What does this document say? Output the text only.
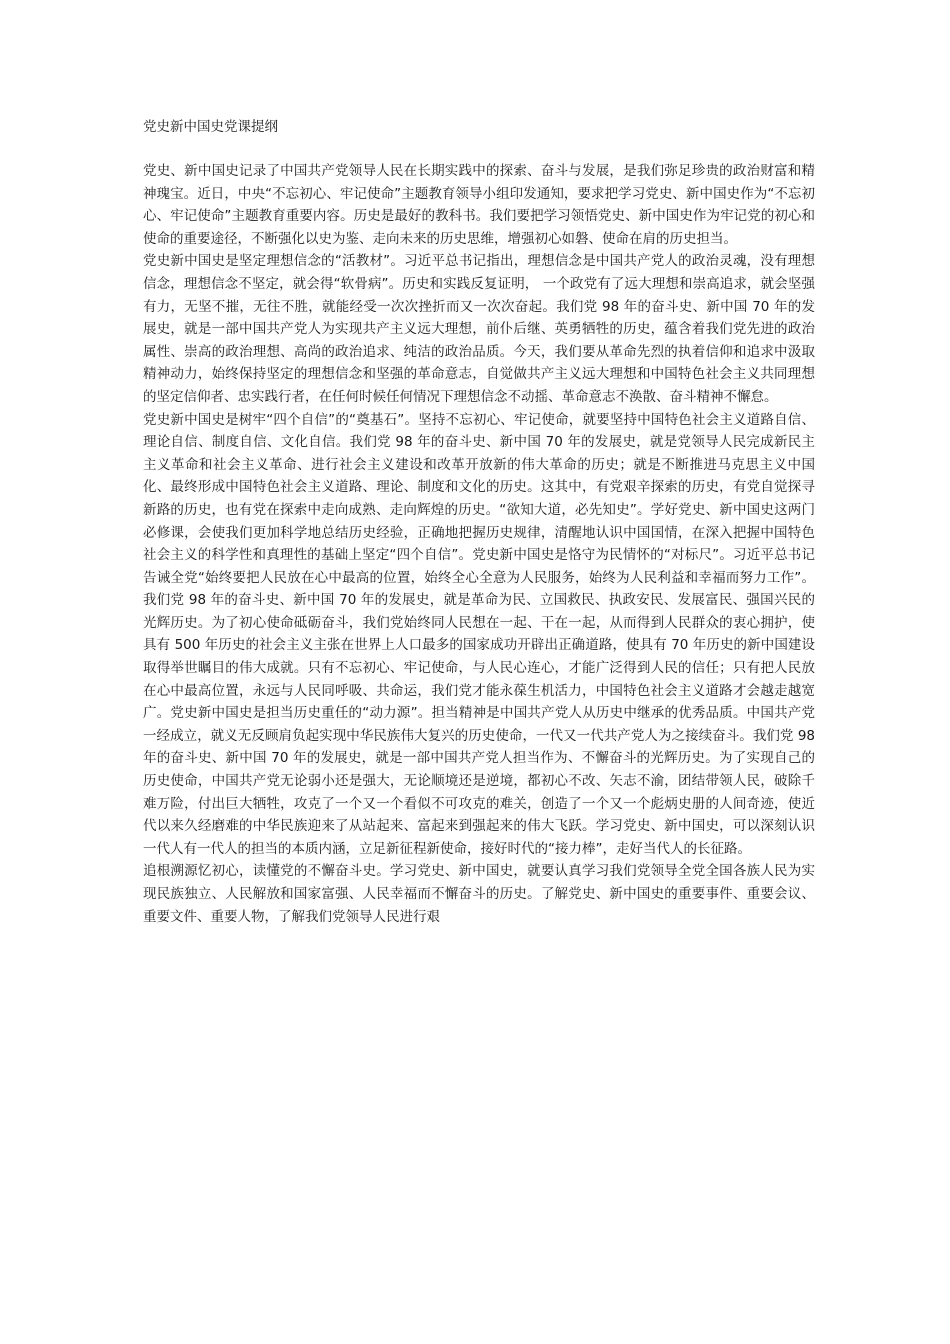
党史新中国史党课提纲

党史、新中国史记录了中国共产党领导人民在长期实践中的探索、奋斗与发展，是我们弥足珍贵的政治财富和精神瑰宝。近日，中央“不忘初心、牢记使命”主题教育领导小组印发通知，要求把学习党史、新中国史作为“不忘初心、牢记使命”主题教育重要内容。历史是最好的教科书。我们要把学习领悟党史、新中国史作为牢记党的初心和使命的重要途径，不断强化以史为鉴、走向未来的历史思维，增强初心如磐、使命在肩的历史担当。

党史新中国史是坚定理想信念的“活教材”。习近平总书记指出，理想信念是中国共产党人的政治灵魂，没有理想信念，理想信念不坚定，就会得“软骨病”。历史和实践反复证明， 一个政党有了远大理想和崇高追求，就会坚强有力，无坚不摧，无往不胜，就能经受一次次挫折而又一次次奋起。我们党 98 年的奋斗史、新中国 70 年的发展史，就是一部中国共产党人为实现共产主义远大理想，前仆后继、英勇牺牲的历史，蕴含着我们党先进的政治属性、崇高的政治理想、高尚的政治追求、纯洁的政治品质。今天，我们要从革命先烈的执着信仰和追求中汲取精神动力，始终保持坚定的理想信念和坚强的革命意志，自觉做共产主义远大理想和中国特色社会主义共同理想的坚定信仰者、忠实践行者，在任何时候任何情况下理想信念不动摇、革命意志不涣散、奋斗精神不懈怠。

党史新中国史是树牢“四个自信”的“奠基石”。坚持不忘初心、牢记使命，就要坚持中国特色社会主义道路自信、理论自信、制度自信、文化自信。我们党 98 年的奋斗史、新中国 70 年的发展史，就是党领导人民完成新民主主义革命和社会主义革命、进行社会主义建设和改革开放新的伟大革命的历史；就是不断推进马克思主义中国化、最终形成中国特色社会主义道路、理论、制度和文化的历史。这其中，有党艰辛探索的历史，有党自觉探寻新路的历史，也有党在探索中走向成熟、走向辉煌的历史。“欲知大道，必先知史”。学好党史、新中国史这两门必修课，会使我们更加科学地总结历史经验，正确地把握历史规律，清醒地认识中国国情，在深入把握中国特色社会主义的科学性和真理性的基础上坚定“四个自信”。党史新中国史是恪守为民情怀的“对标尺”。习近平总书记告诫全党“始终要把人民放在心中最高的位置，始终全心全意为人民服务，始终为人民利益和幸福而努力工作”。我们党 98 年的奋斗史、新中国 70 年的发展史，就是革命为民、立国救民、执政安民、发展富民、强国兴民的光辉历史。为了初心使命砥砺奋斗，我们党始终同人民想在一起、干在一起，从而得到人民群众的衷心拥护，使具有 500 年历史的社会主义主张在世界上人口最多的国家成功开辟出正确道路，使具有 70 年历史的新中国建设取得举世瞩目的伟大成就。只有不忘初心、牢记使命，与人民心连心，才能广泛得到人民的信任；只有把人民放在心中最高位置，永远与人民同呼吸、共命运，我们党才能永葆生机活力，中国特色社会主义道路才会越走越宽广。党史新中国史是担当历史重任的“动力源”。担当精神是中国共产党人从历史中继承的优秀品质。中国共产党一经成立，就义无反顾肩负起实现中华民族伟大复兴的历史使命，一代又一代共产党人为之接续奋斗。我们党 98 年的奋斗史、新中国 70 年的发展史，就是一部中国共产党人担当作为、不懈奋斗的光辉历史。为了实现自己的历史使命，中国共产党无论弱小还是强大，无论顺境还是逆境，都初心不改、矢志不渝，团结带领人民，破除千难万险，付出巨大牺牲，攻克了一个又一个看似不可攻克的难关，创造了一个又一个彪炳史册的人间奇迹，使近代以来久经磨难的中华民族迎来了从站起来、富起来到强起来的伟大飞跃。学习党史、新中国史，可以深刻认识一代人有一代人的担当的本质内涵，立足新征程新使命，接好时代的“接力棒”，走好当代人的长征路。

追根溯源忆初心，读懂党的不懈奋斗史。学习党史、新中国史，就要认真学习我们党领导全党全国各族人民为实现民族独立、人民解放和国家富强、人民幸福而不懈奋斗的历史。了解党史、新中国史的重要事件、重要会议、重要文件、重要人物，了解我们党领导人民进行艰
